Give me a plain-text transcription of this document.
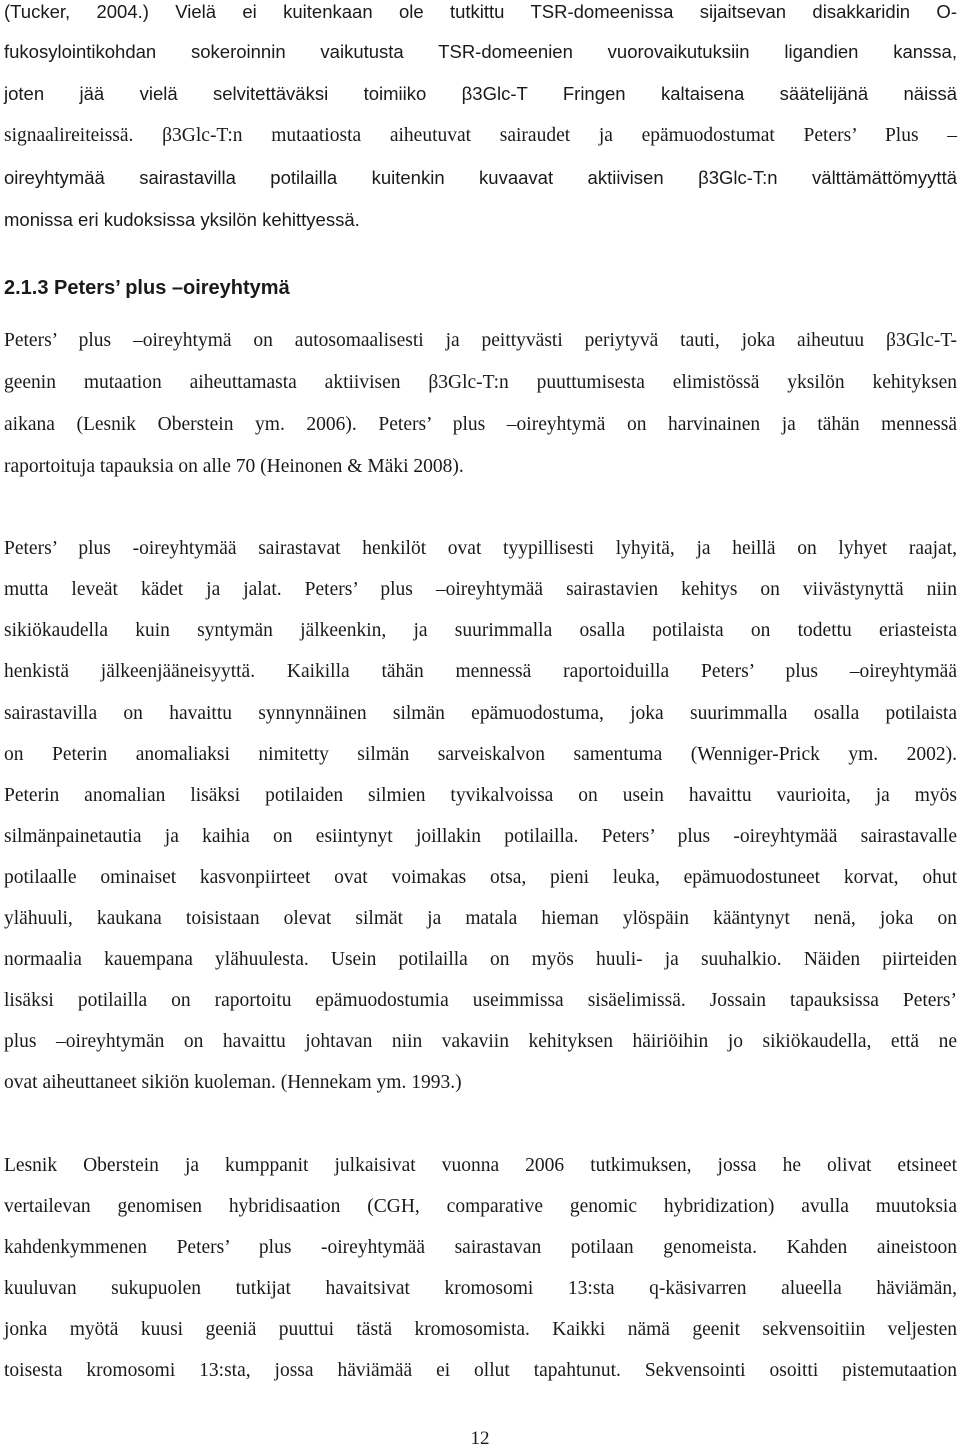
(Tucker, 2004.) Vielä ei kuitenkaan ole tutkittu TSR-domeenissa sijaitsevan disakkaridin O-
fukosylointikohdan sokeroinnin vaikutusta TSR-domeenien vuorovaikutuksiin ligandien kanssa,
joten jää vielä selvitettäväksi toimiiko β3Glc-T Fringen kaltaisena säätelijänä näissä
signaalireiteissä. β3Glc-T:n mutaatiosta aiheutuvat sairaudet ja epämuodostumat Peters’ Plus –
oireyhtymää sairastavilla potilailla kuitenkin kuvaavat aktiivisen β3Glc-T:n välttämättömyyttä
monissa eri kudoksissa yksilön kehittyessä.
2.1.3 Peters’ plus –oireyhtymä
Peters’ plus –oireyhtymä on autosomaalisesti ja peittyvästi periytyvä tauti, joka aiheutuu β3Glc-T-
geenin mutaation aiheuttamasta aktiivisen β3Glc-T:n puuttumisesta elimistössä yksilön kehityksen
aikana (Lesnik Oberstein ym. 2006). Peters’ plus –oireyhtymä on harvinainen ja tähän mennessä
raportoituja tapauksia on alle 70 (Heinonen & Mäki 2008).
Peters’ plus -oireyhtymää sairastavat henkilöt ovat tyypillisesti lyhyitä, ja heillä on lyhyet raajat,
mutta leveät kädet ja jalat. Peters’ plus –oireyhtymää sairastavien kehitys on viivästynyttä niin
sikiökaudella kuin syntymän jälkeenkin, ja suurimmalla osalla potilaista on todettu eriasteista
henkistä jälkeenjääneisyyttä. Kaikilla tähän mennessä raportoiduilla Peters’ plus –oireyhtymää
sairastavilla on havaittu synnynnäinen silmän epämuodostuma, joka suurimmalla osalla potilaista
on Peterin anomaliaksi nimitetty silmän sarveiskalvon samentuma (Wenniger-Prick ym. 2002).
Peterin anomalian lisäksi potilaiden silmien tyvikalvoissa on usein havaittu vaurioita, ja myös
silmänpainetautia ja kaihia on esiintynyt joillakin potilailla. Peters’ plus -oireyhtymää sairastavalle
potilaalle ominaiset kasvonpiirteet ovat voimakas otsa, pieni leuka, epämuodostuneet korvat, ohut
ylähuuli, kaukana toisistaan olevat silmät ja matala hieman ylöspäin kääntynyt nenä, joka on
normaalia kauempana ylähuulesta. Usein potilailla on myös huuli- ja suuhalkio. Näiden piirteiden
lisäksi potilailla on raportoitu epämuodostumia useimmissa sisäelimissä. Jossain tapauksissa Peters’
plus –oireyhtymän on havaittu johtavan niin vakaviin kehityksen häiriöihin jo sikiökaudella, että ne
ovat aiheuttaneet sikiön kuoleman. (Hennekam ym. 1993.)
Lesnik Oberstein ja kumppanit julkaisivat vuonna 2006 tutkimuksen, jossa he olivat etsineet
vertailevan genomisen hybridisaation (CGH, comparative genomic hybridization) avulla muutoksia
kahdenkymmenen Peters’ plus -oireyhtymää sairastavan potilaan genomeista. Kahden aineistoon
kuuluvan sukupuolen tutkijat havaitsivat kromosomi 13:sta q-käsivarren alueella häviämän,
jonka myötä kuusi geeniä puuttui tästä kromosomista. Kaikki nämä geenit sekvensoitiin veljesten
toisesta kromosomi 13:sta, jossa häviämää ei ollut tapahtunut. Sekvensointi osoitti pistemutaation
12
